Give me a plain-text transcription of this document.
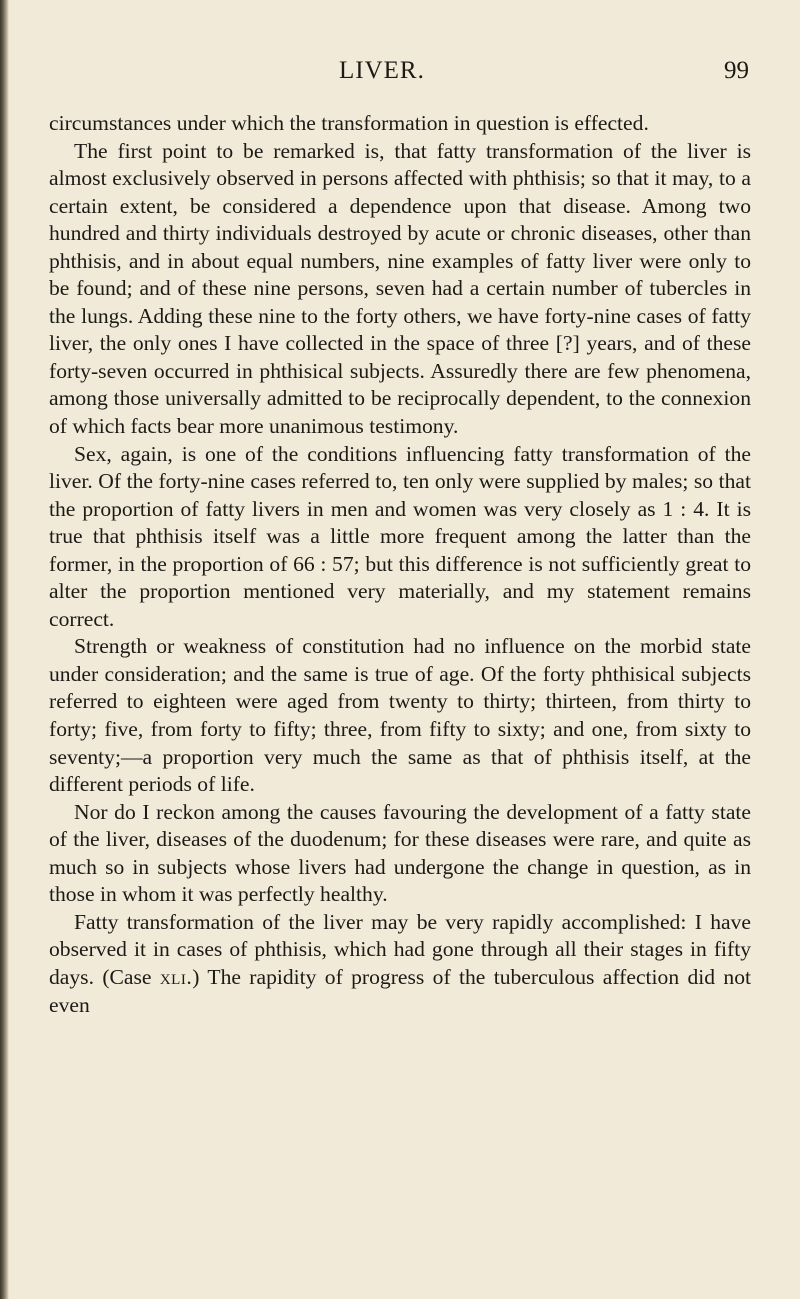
LIVER.	99

circumstances under which the transformation in question is effected.

The first point to be remarked is, that fatty transformation of the liver is almost exclusively observed in persons affected with phthisis; so that it may, to a certain extent, be considered a dependence upon that disease. Among two hundred and thirty individuals destroyed by acute or chronic diseases, other than phthisis, and in about equal numbers, nine examples of fatty liver were only to be found; and of these nine persons, seven had a certain number of tubercles in the lungs. Adding these nine to the forty others, we have forty-nine cases of fatty liver, the only ones I have collected in the space of three [?] years, and of these forty-seven occurred in phthisical subjects. Assuredly there are few phenomena, among those universally admitted to be reciprocally dependent, to the connexion of which facts bear more unanimous testimony.

Sex, again, is one of the conditions influencing fatty transformation of the liver. Of the forty-nine cases referred to, ten only were supplied by males; so that the proportion of fatty livers in men and women was very closely as 1 : 4. It is true that phthisis itself was a little more frequent among the latter than the former, in the proportion of 66 : 57; but this difference is not sufficiently great to alter the proportion mentioned very materially, and my statement remains correct.

Strength or weakness of constitution had no influence on the morbid state under consideration; and the same is true of age. Of the forty phthisical subjects referred to eighteen were aged from twenty to thirty; thirteen, from thirty to forty; five, from forty to fifty; three, from fifty to sixty; and one, from sixty to seventy;—a proportion very much the same as that of phthisis itself, at the different periods of life.

Nor do I reckon among the causes favouring the development of a fatty state of the liver, diseases of the duodenum; for these diseases were rare, and quite as much so in subjects whose livers had undergone the change in question, as in those in whom it was perfectly healthy.

Fatty transformation of the liver may be very rapidly accomplished: I have observed it in cases of phthisis, which had gone through all their stages in fifty days. (Case xli.) The rapidity of progress of the tuberculous affection did not even
